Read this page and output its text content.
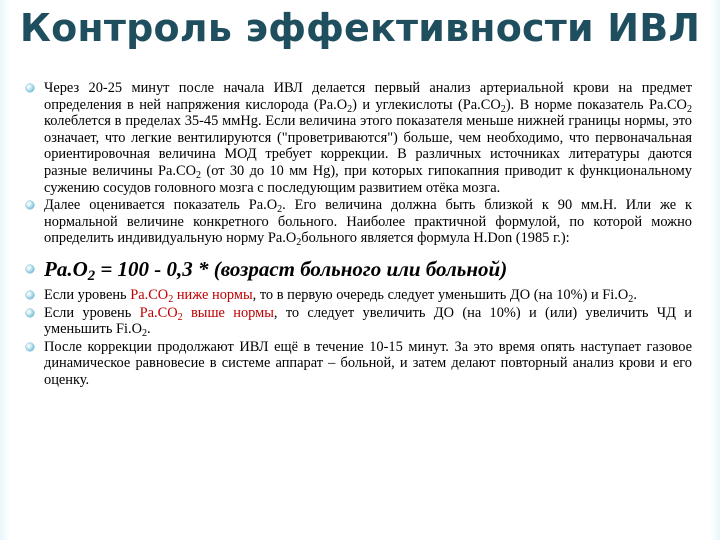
Контроль эффективности ИВЛ
Через 20-25 минут после начала ИВЛ делается первый анализ артериальной крови на предмет определения в ней напряжения кислорода $(Pa.O_2)$ и углекислоты $(Pa.CO_2)$. В норме показатель $Pa.CO_2$ колеблется в пределах 35-45 ммHg. Если величина этого показателя меньше нижней границы нормы, это означает, что легкие вентилируются ("проветриваются") больше, чем необходимо, что первоначальная ориентировочная величина МОД требует коррекции. В различных источниках литературы даются разные величины $Pa.CO_2$ (от 30 до 10 мм Hg), при которых гипокапния приводит к функциональному сужению сосудов головного мозга с последующим развитием отёка мозга.
Далее оценивается показатель $Pa.O_2$. Его величина должна быть близкой к 90 мм.Н. Или же к нормальной величине конкретного больного. Наиболее практичной формулой, по которой можно определить индивидуальную норму $Pa.O_2больного$ является формула H.Don (1985 г.):
$Pa.O_2 = 100 - 0,3$ * (возраст больного или больной)
Если уровень $Pa.CO_2$ ниже нормы, то в первую очередь следует уменьшить ДО (на 10%) и $Fi.O_2$.
Если уровень $Pa.CO_2$ выше нормы, то следует увеличить ДО (на 10%) и (или) увеличить ЧД и уменьшить $Fi.O_2$.
После коррекции продолжают ИВЛ ещё в течение 10-15 минут. За это время опять наступает газовое динамическое равновесие в системе аппарат – больной, и затем делают повторный анализ крови и его оценку.
